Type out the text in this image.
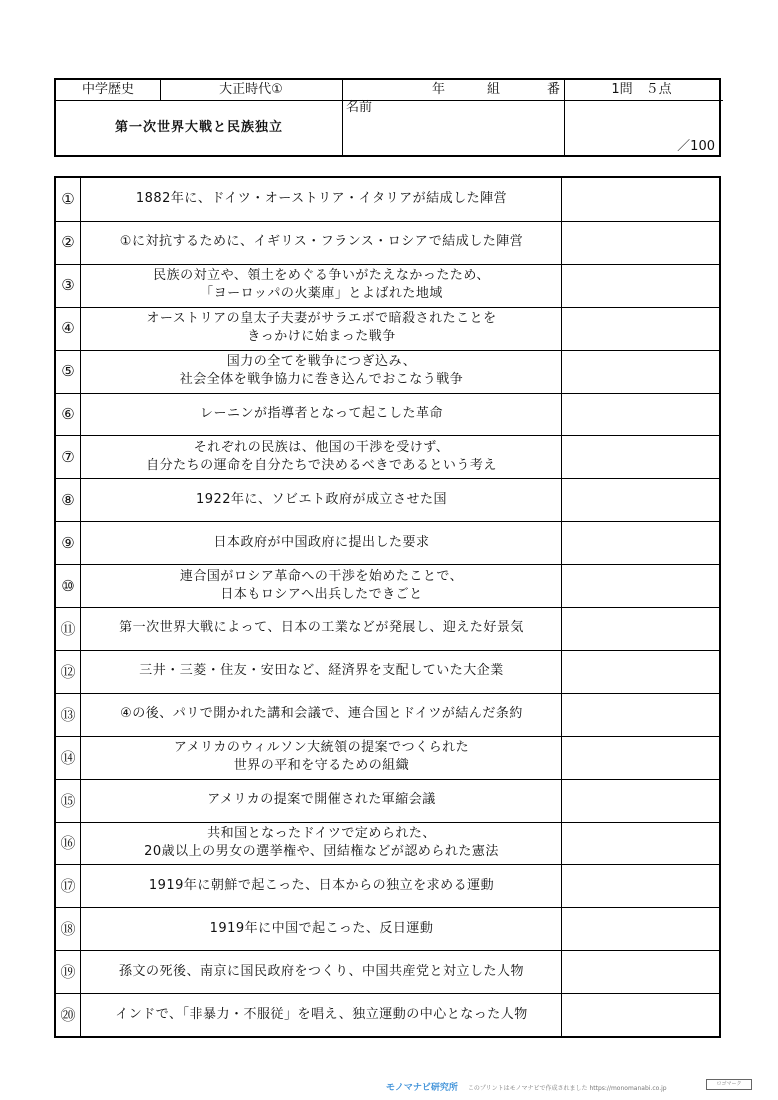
中学歴史	大正時代①	年	組	番	1問　５点
第一次世界大戦と民族独立
名前
／100
①	1882年に、ドイツ・オーストリア・イタリアが結成した陣営
②	①に対抗するために、イギリス・フランス・ロシアで結成した陣営
③
民族の対立や、領土をめぐる争いがたえなかったため、
「ヨーロッパの火薬庫」とよばれた地域
④
オーストリアの皇太子夫妻がサラエボで暗殺されたことを
きっかけに始まった戦争
⑤
国力の全てを戦争につぎ込み、
社会全体を戦争協力に巻き込んでおこなう戦争
⑥	レーニンが指導者となって起こした革命
⑦
それぞれの民族は、他国の干渉を受けず、
自分たちの運命を自分たちで決めるべきであるという考え
⑧	1922年に、ソビエト政府が成立させた国
⑨	日本政府が中国政府に提出した要求
⑩
連合国がロシア革命への干渉を始めたことで、
日本もロシアへ出兵したできごと
⑪	第一次世界大戦によって、日本の工業などが発展し、迎えた好景気
⑫	三井・三菱・住友・安田など、経済界を支配していた大企業
⑬	④の後、パリで開かれた講和会議で、連合国とドイツが結んだ条約
⑭
アメリカのウィルソン大統領の提案でつくられた
世界の平和を守るための組織
⑮	アメリカの提案で開催された軍縮会議
⑯
共和国となったドイツで定められた、
20歳以上の男女の選挙権や、団結権などが認められた憲法
⑰	1919年に朝鮮で起こった、日本からの独立を求める運動
⑱	1919年に中国で起こった、反日運動
⑲	孫文の死後、南京に国民政府をつくり、中国共産党と対立した人物
⑳	インドで、「非暴力・不服従」を唱え、独立運動の中心となった人物
モノマナビ研究所 このプリントはモノマナビで作成されました https://monomanabi.co.jp
ロゴマーク
